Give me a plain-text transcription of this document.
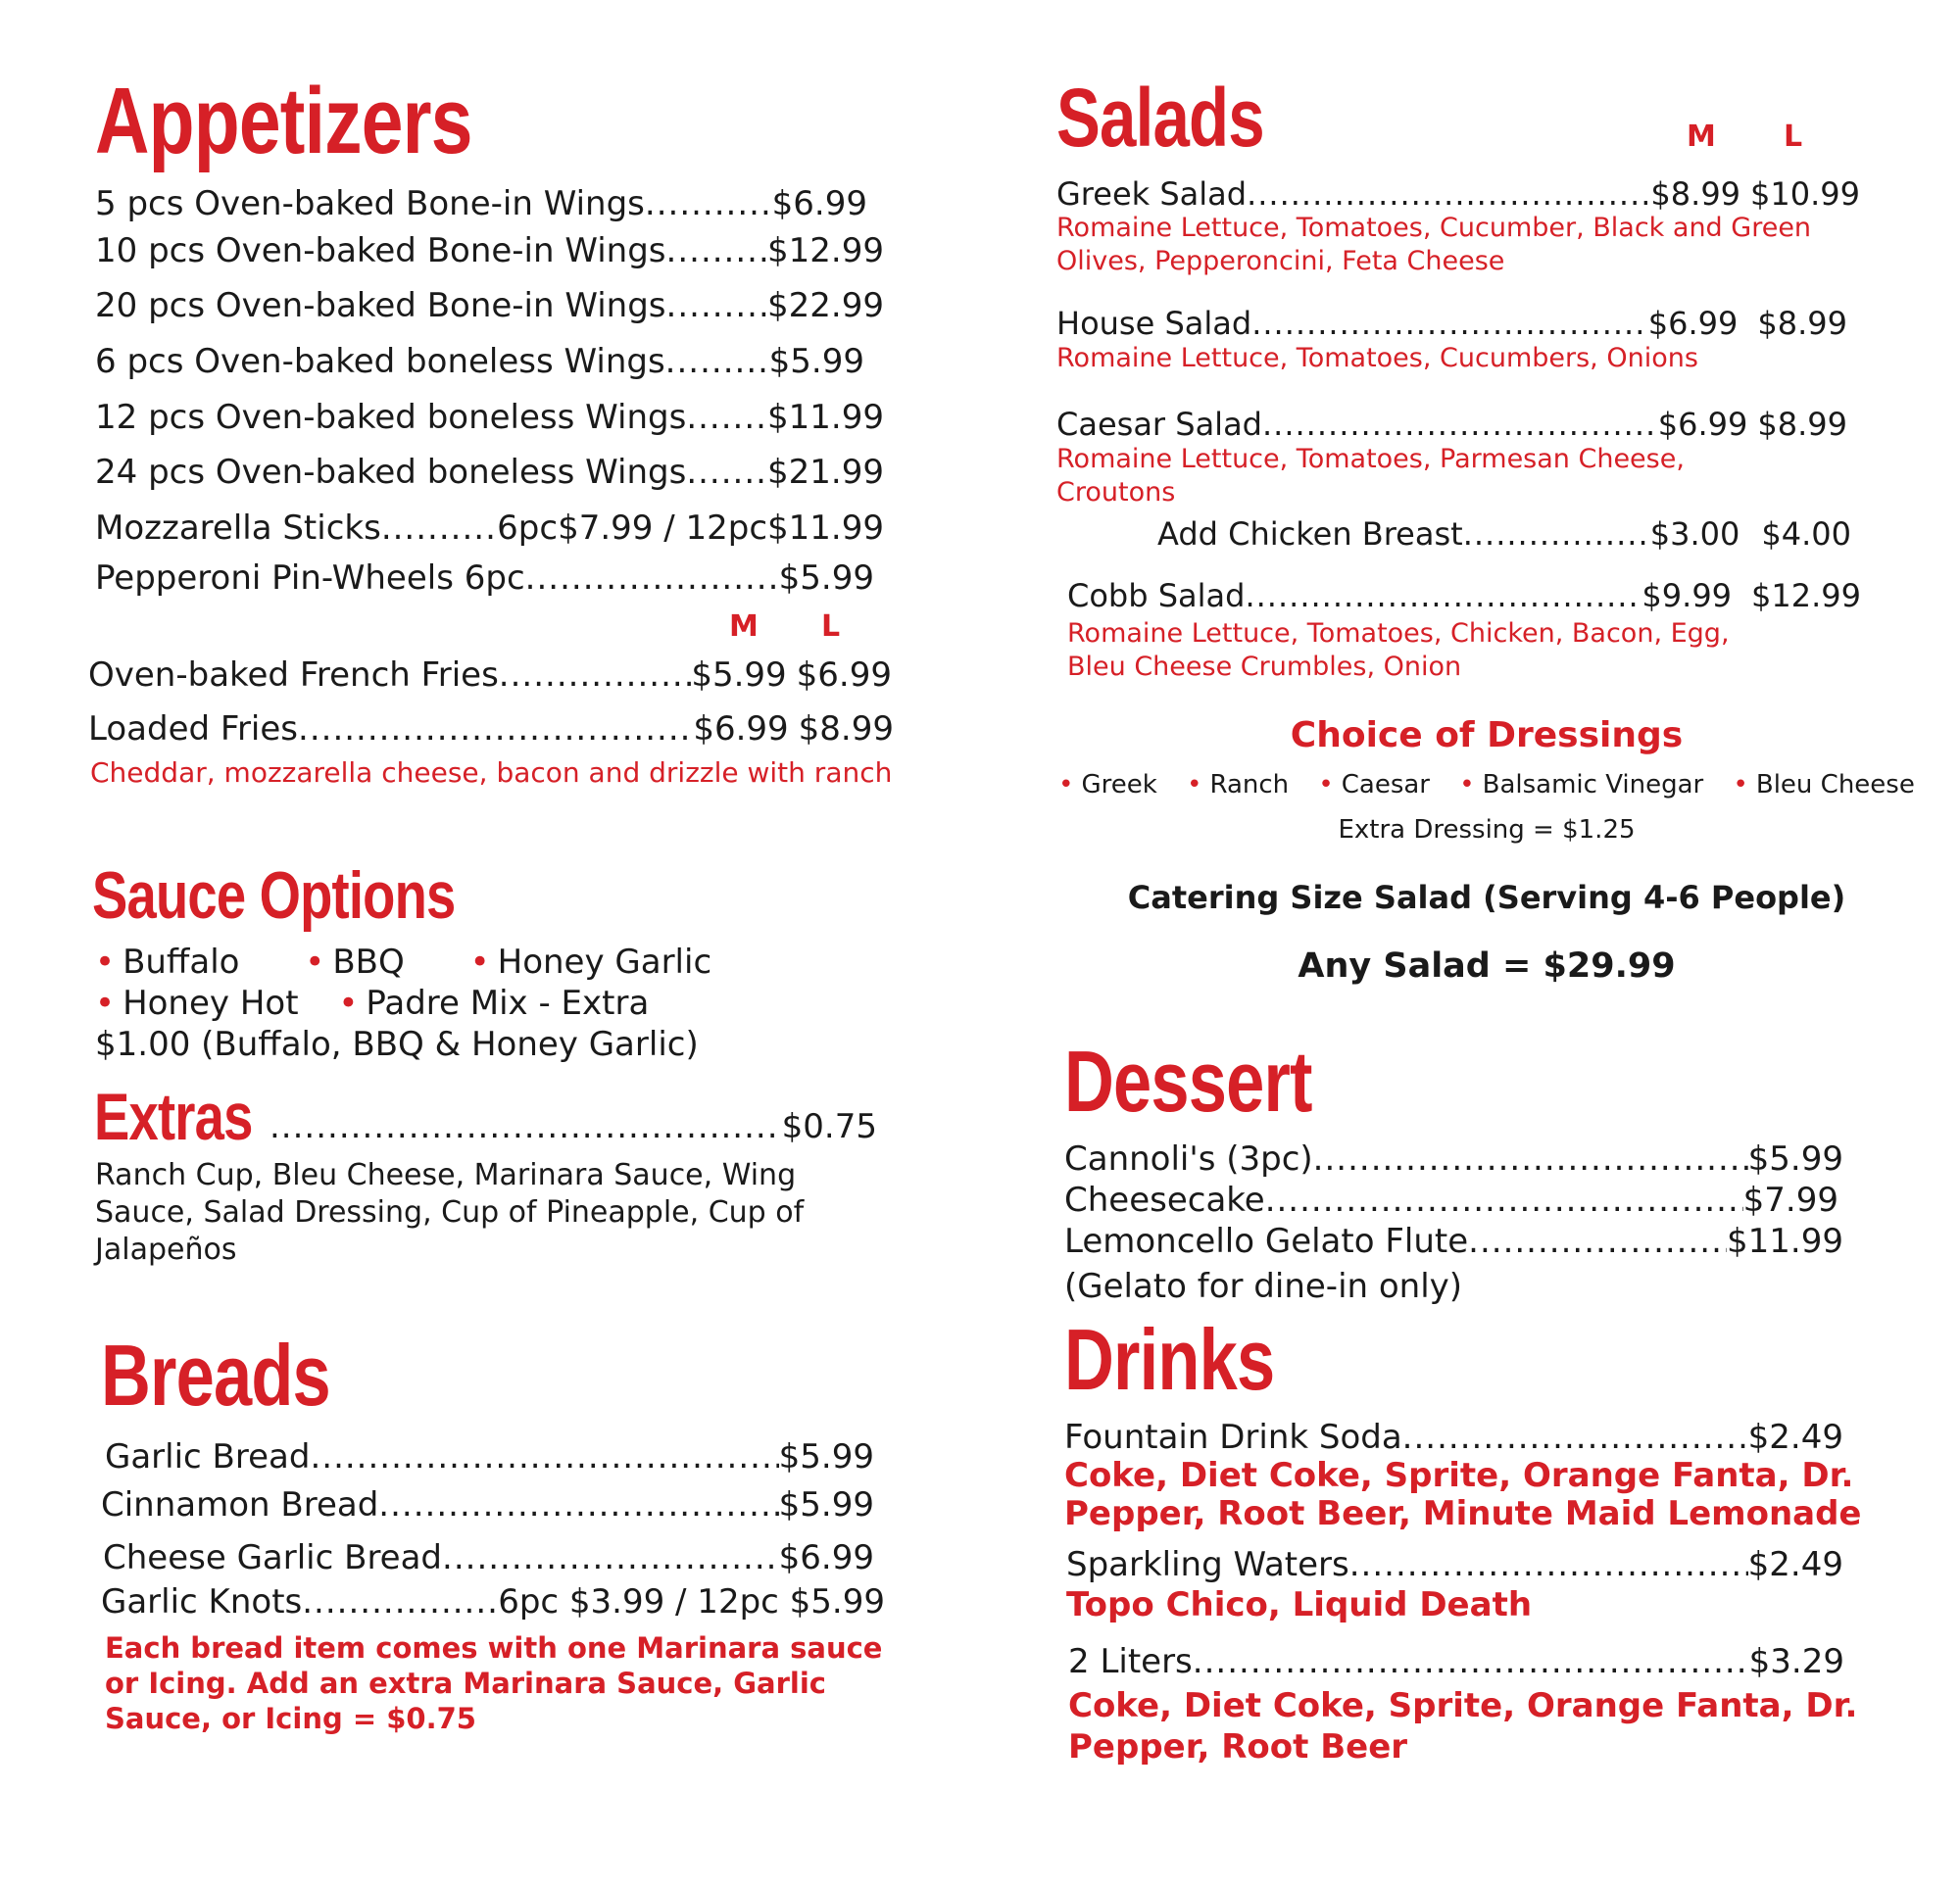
Appetizers
5 pcs Oven-baked Bone-in Wings .....	$6.99
10 pcs Oven-baked Bone-in Wings .....	$12.99
20 pcs Oven-baked Bone-in Wings .....	$22.99
6 pcs Oven-baked boneless Wings .....	$5.99
12 pcs Oven-baked boneless Wings ..... $11.99
24 pcs Oven-baked boneless Wings ..... $21.99
Mozzarella Sticks .....	6pc$7.99 / 12pc$11.99
Pepperoni Pin-Wheels 6pc .....	$5.99
M L
Oven-baked French Fries .....	$5.99 $6.99
Loaded Fries .....	$6.99 $8.99
Cheddar, mozzarella cheese, bacon and drizzle with ranch
Sauce Options
• Buffalo • BBQ • Honey Garlic
• Honey Hot • Padre Mix - Extra
$1.00 (Buffalo, BBQ & Honey Garlic)
Extras .....	$0.75
Ranch Cup, Bleu Cheese, Marinara Sauce, Wing Sauce, Salad Dressing, Cup of Pineapple, Cup of Jalapeños
Breads
Garlic Bread .....	$5.99
Cinnamon Bread .....	$5.99
Cheese Garlic Bread .....	$6.99
Garlic Knots .....	6pc $3.99 / 12pc $5.99
Each bread item comes with one Marinara sauce or Icing. Add an extra Marinara Sauce, Garlic Sauce, or Icing = $0.75
Salads	M L
Greek Salad .....	$8.99 $10.99
Romaine Lettuce, Tomatoes, Cucumber, Black and Green Olives, Pepperoncini, Feta Cheese
House Salad .....	$6.99 $8.99
Romaine Lettuce, Tomatoes, Cucumbers, Onions
Caesar Salad .....	$6.99 $8.99
Romaine Lettuce, Tomatoes, Parmesan Cheese, Croutons
Add Chicken Breast .....	$3.00 $4.00
Cobb Salad .....	$9.99 $12.99
Romaine Lettuce, Tomatoes, Chicken, Bacon, Egg, Bleu Cheese Crumbles, Onion
Choice of Dressings
• Greek • Ranch • Caesar • Balsamic Vinegar • Bleu Cheese
Extra Dressing = $1.25
Catering Size Salad (Serving 4-6 People)
Any Salad = $29.99
Dessert
Cannoli's (3pc) .....	$5.99
Cheesecake .....	$7.99
Lemoncello Gelato Flute .....	$11.99
(Gelato for dine-in only)
Drinks
Fountain Drink Soda .....	$2.49
Coke, Diet Coke, Sprite, Orange Fanta, Dr. Pepper, Root Beer, Minute Maid Lemonade
Sparkling Waters .....	$2.49
Topo Chico, Liquid Death
2 Liters .....	$3.29
Coke, Diet Coke, Sprite, Orange Fanta, Dr. Pepper, Root Beer
